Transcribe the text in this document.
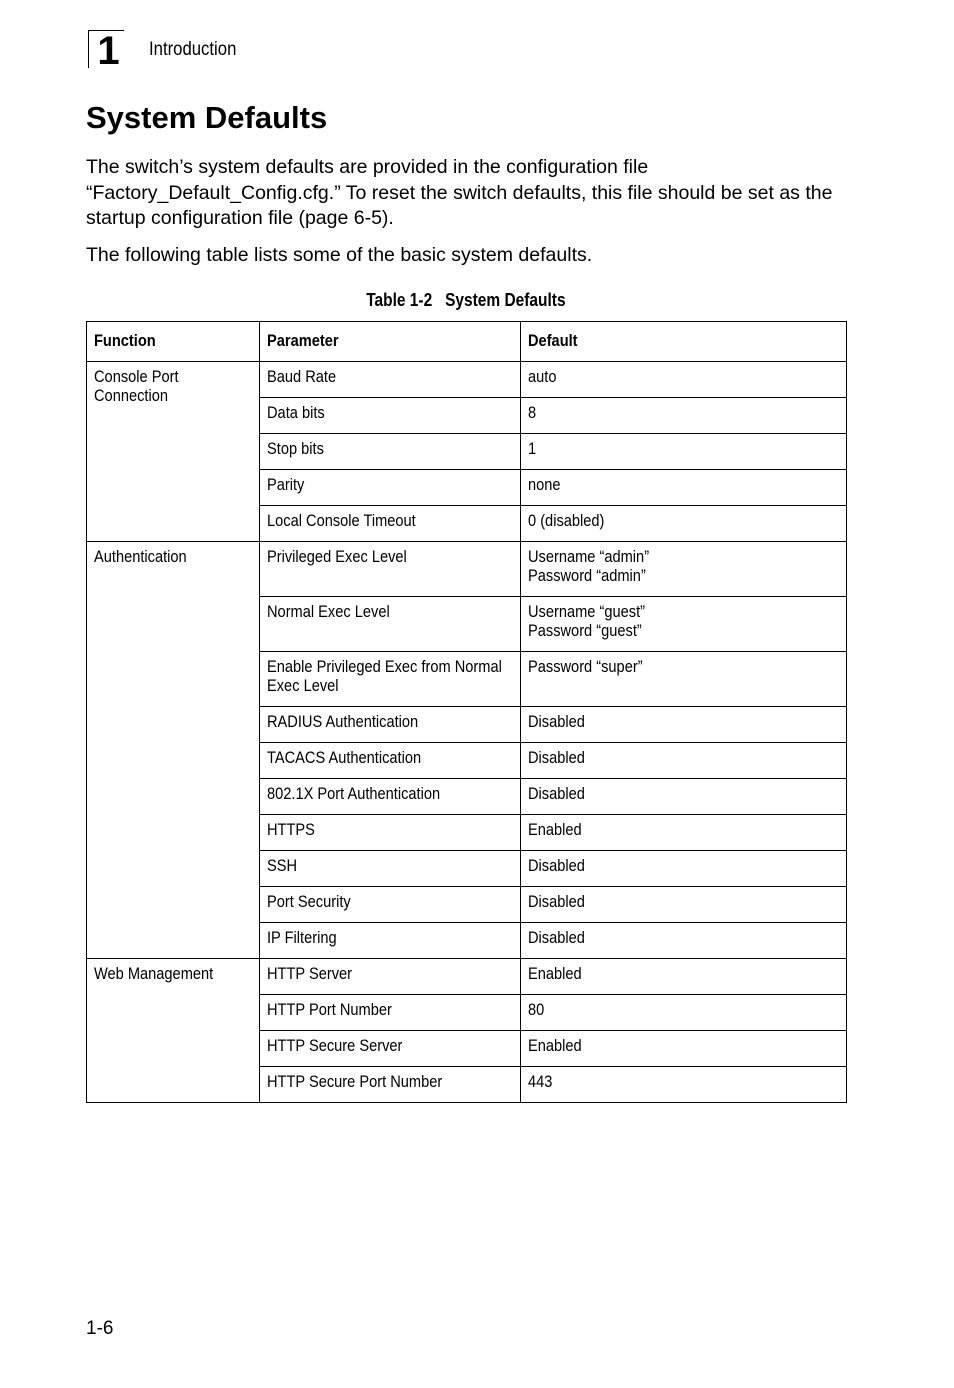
1 Introduction
System Defaults

The switch’s system defaults are provided in the configuration file “Factory_Default_Config.cfg.” To reset the switch defaults, this file should be set as the startup configuration file (page 6-5).

The following table lists some of the basic system defaults.

Table 1-2 System Defaults
Function	Parameter	Default
Console Port
Connection	Baud Rate	auto
	Data bits	8
	Stop bits	1
	Parity	none
	Local Console Timeout	0 (disabled)
Authentication	Privileged Exec Level	Username “admin”
Password “admin”
	Normal Exec Level	Username “guest”
Password “guest”
	Enable Privileged Exec from Normal
Exec Level	Password “super”
	RADIUS Authentication	Disabled
	TACACS Authentication	Disabled
	802.1X Port Authentication	Disabled
	HTTPS	Enabled
	SSH	Disabled
	Port Security	Disabled
	IP Filtering	Disabled
Web Management	HTTP Server	Enabled
	HTTP Port Number	80
	HTTP Secure Server	Enabled
	HTTP Secure Port Number	443
1-6
